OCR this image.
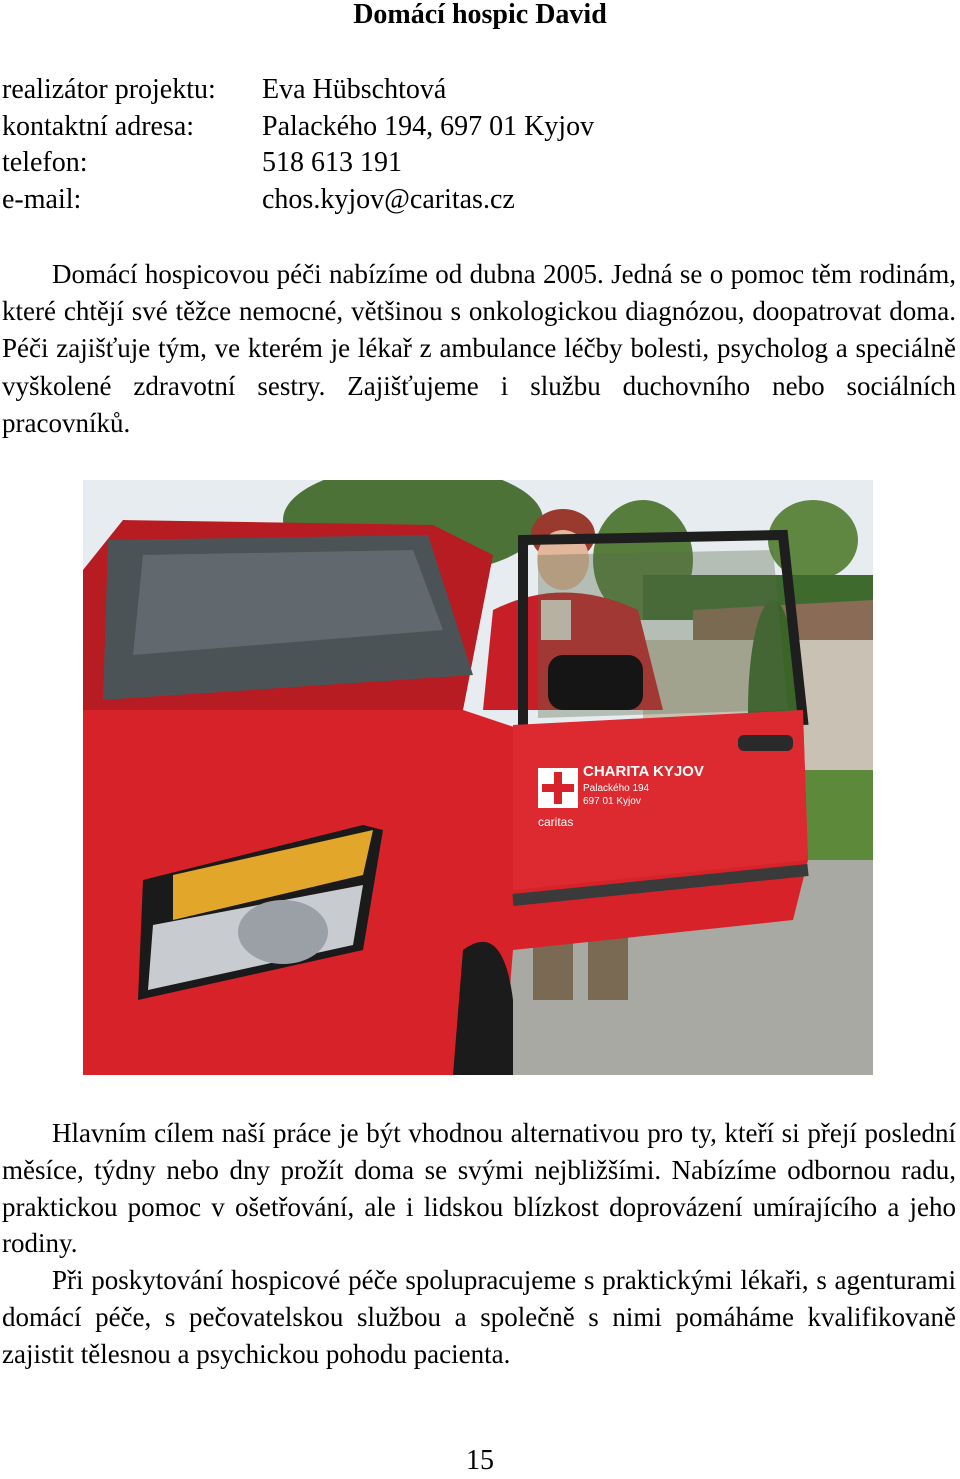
Domácí hospic David
realizátor projektu: Eva Hübschtová
kontaktní adresa: Palackého 194, 697 01 Kyjov
telefon:	518 613 191
e-mail:	chos.kyjov@caritas.cz

Domácí hospicovou péči nabízíme od dubna 2005. Jedná se o pomoc těm rodinám, které chtějí své těžce nemocné, většinou s onkologickou diagnózou, doopatrovat doma. Péči zajišťuje tým, ve kterém je lékař z ambulance léčby bolesti, psycholog a speciálně vyškolené zdravotní sestry. Zajišťujeme i službu duchovního nebo sociálních pracovníků.

caritas
CHARITA KYJOV
Palackého 194
697 01 Kyjov

Hlavním cílem naší práce je být vhodnou alternativou pro ty, kteří si přejí poslední měsíce, týdny nebo dny prožít doma se svými nejbližšími. Nabízíme odbornou radu, praktickou pomoc v ošetřování, ale i lidskou blízkost doprovázení umírajícího a jeho rodiny.

Při poskytování hospicové péče spolupracujeme s praktickými lékaři, s agenturami domácí péče, s pečovatelskou službou a společně s nimi pomáháme kvalifikovaně zajistit tělesnou a psychickou pohodu pacienta.

15
